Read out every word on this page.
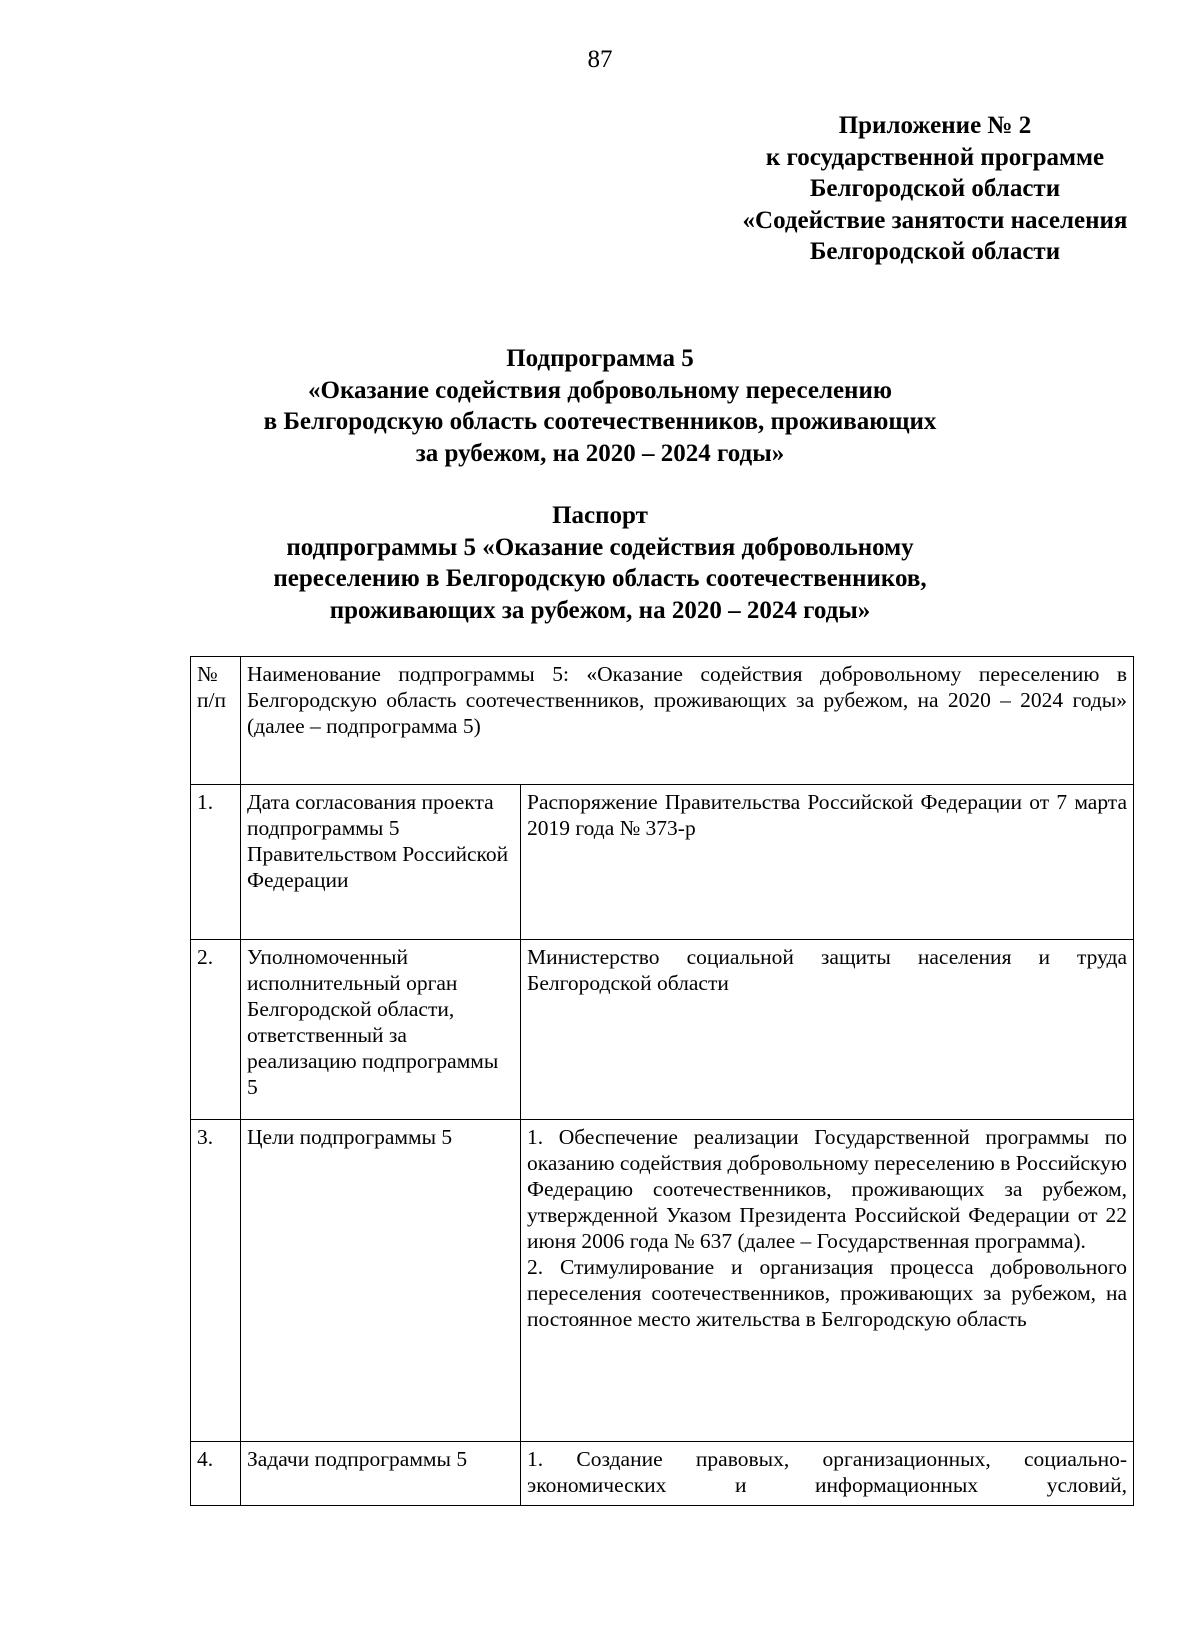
87
Приложение № 2
к государственной программе
Белгородской области
«Содействие занятости населения
Белгородской области
Подпрограмма 5
«Оказание содействия добровольному переселению
в Белгородскую область соотечественников, проживающих
за рубежом, на 2020 – 2024 годы»
Паспорт
подпрограммы 5 «Оказание содействия добровольному
переселению в Белгородскую область соотечественников,
проживающих за рубежом, на 2020 – 2024 годы»
№ п/п	Наименование подпрограммы 5: «Оказание содействия добровольному переселению в Белгородскую область соотечественников, проживающих за рубежом, на 2020 – 2024 годы» (далее – подпрограмма 5)	
1.	Дата согласования проекта подпрограммы 5 Правительством Российской Федерации	Распоряжение Правительства Российской Федерации от 7 марта 2019 года № 373-р
2.	Уполномоченный исполнительный орган Белгородской области, ответственный за реализацию подпрограммы 5	Министерство социальной защиты населения и труда Белгородской области
3.	Цели подпрограммы 5	1. Обеспечение реализации Государственной программы по оказанию содействия добровольному переселению в Российскую Федерацию соотечественников, проживающих за рубежом, утвержденной Указом Президента Российской Федерации от 22 июня 2006 года № 637 (далее – Государственная программа).
2. Стимулирование и организация процесса добровольного переселения соотечественников, проживающих за рубежом, на постоянное место жительства в Белгородскую область

4.	Задачи подпрограммы 5	1. Создание правовых, организационных, социально-экономических и информационных условий,
